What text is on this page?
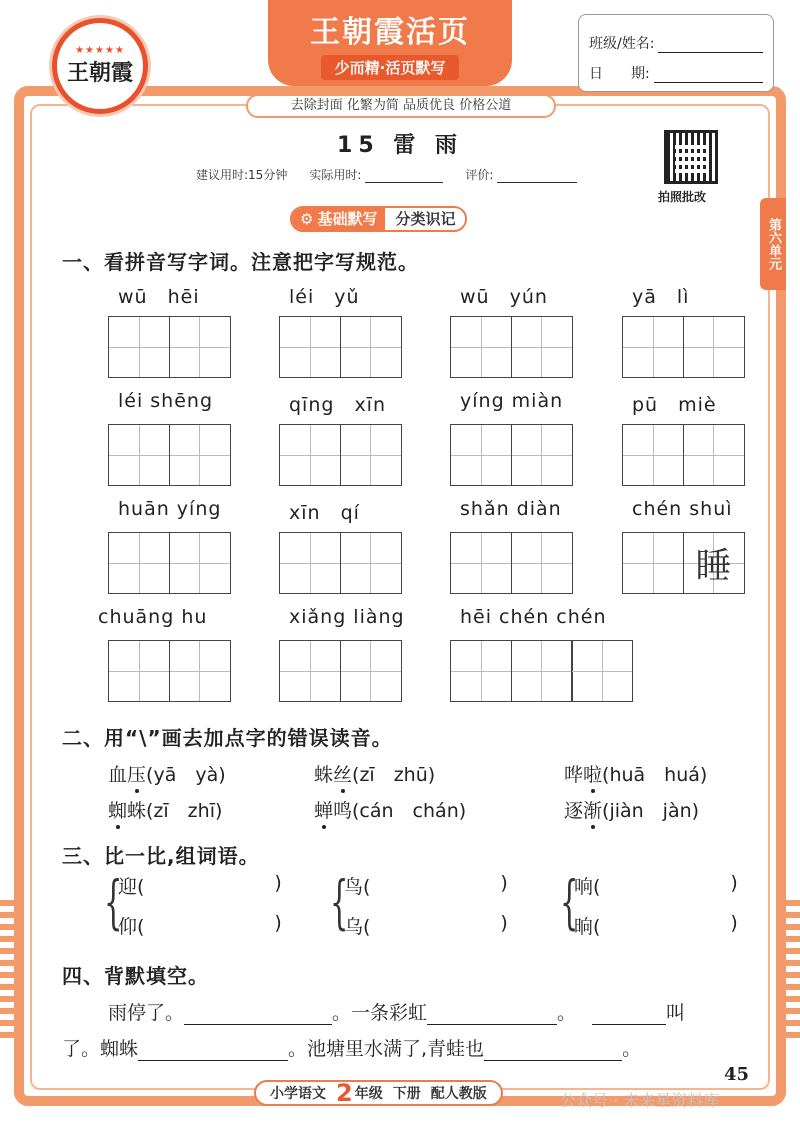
★★★★★
王朝霞
王朝霞活页
少而精·活页默写
去除封面 化繁为简 品质优良 价格公道
班级/姓名:
日　　期:
15 雷 雨
建议用时:15分钟 实际用时:	评价:
拍照批改
第六单元
⚙ 基础默写	分类识记
一、看拼音写字词。注意把字写规范。
wū　hēi	léi　yǔ	wū　yún	yā　lì
léi shēng	qīng　xīn	yíng miàn	pū　miè
huān yíng	xīn　qí	shǎn diàn	chén shuì
睡
chuāng hu	xiǎng liàng	hēi chén chén
二、用“\”画去加点字的错误读音。
血压(yā　yà)	蛛丝(zī　zhū)	哗啦(huā　huá)
蜘蛛(zī　zhī)	蝉鸣(cán　chán)	逐渐(jiàn　jàn)
三、比一比,组词语。
{
迎(	)
仰(	) {
鸟(	)
乌(	) {
响(	)
晌(	)
四、背默填空。
雨停了。	。一条彩虹	。	叫
了。蜘蛛	。池塘里水满了,青蛙也	。
小学语文 2 年级 下册 配人教版
45
公众号 · 未来星资料库
